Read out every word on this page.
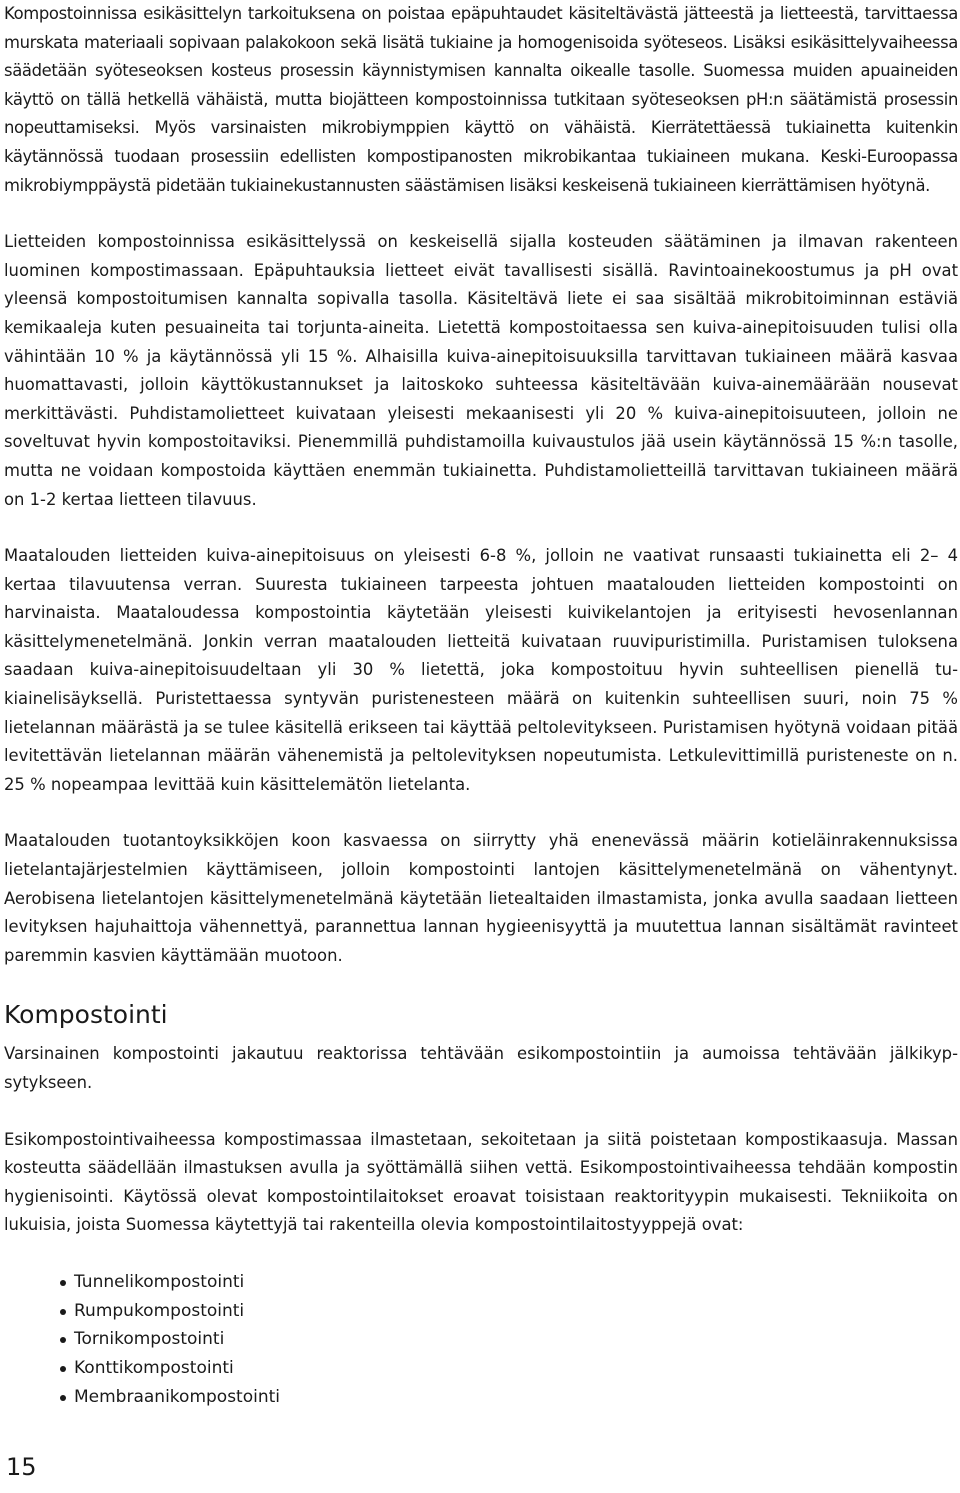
Kompostoinnissa esikäsittelyn tarkoituksena on poistaa epäpuhtaudet käsiteltävästä jätteestä ja lietteestä, tarvittaessa murskata materiaali sopivaan palakokoon sekä lisätä tukiaine ja homogenisoida syöteseos. Lisäksi esikäsittelyvaiheessa säädetään syöteseoksen kosteus prosessin käynnistymisen kannalta oikealle tasolle. Suomessa muiden apuaineiden käyttö on tällä hetkellä vähäistä, mutta biojätteen kompostoinnissa tutkitaan syöteseoksen pH:n säätämistä prosessin nopeuttamiseksi. Myös varsinaisten mikrobiymppien käyttö on vähäistä. Kierrätettäessä tukiainetta kuitenkin käytännössä tuodaan prosessiin edellisten kompostipanosten mikrobikantaa tukiaineen mukana. Keski-Euroopassa mikrobiymppäystä pidetään tukiainekustannusten säästämisen lisäksi keskeisenä tukiaineen kierrättämisen hyötynä.

Lietteiden kompostoinnissa esikäsittelyssä on keskeisellä sijalla kosteuden säätäminen ja ilmavan rakenteen luominen kompostimassaan. Epäpuhtauksia lietteet eivät tavallisesti sisällä. Ravintoainekoostumus ja pH ovat yleensä kompostoitumisen kannalta sopivalla tasolla. Käsiteltävä liete ei saa sisältää mikrobitoiminnan estäviä kemikaaleja kuten pesuaineita tai torjunta-aineita. Lietettä kompostoitaessa sen kuiva-ainepitoisuuden tulisi olla vähintään 10 % ja käytännössä yli 15 %. Alhaisilla kuiva-ainepitoisuuksilla tarvittavan tukiaineen määrä kasvaa huomattavasti, jolloin käyttökustannukset ja laitoskoko suhteessa käsiteltävään kuiva-ainemäärään nousevat merkittävästi. Puhdistamolietteet kuivataan yleisesti mekaanisesti yli 20 % kuiva-ainepitoisuuteen, jolloin ne soveltuvat hyvin kompostoitaviksi. Pienemmillä puhdistamoilla kuivaustulos jää usein käytännössä 15 %:n tasolle, mutta ne voidaan kompostoida käyttäen enemmän tukiainetta. Puhdistamolietteillä tarvittavan tukiaineen määrä on 1-2 kertaa lietteen tilavuus.

Maatalouden lietteiden kuiva-ainepitoisuus on yleisesti 6-8 %, jolloin ne vaativat runsaasti tukiainetta eli 2– 4 kertaa tilavuutensa verran. Suuresta tukiaineen tarpeesta johtuen maatalouden lietteiden kompostointi on harvinaista. Maataloudessa kompostointia käytetään yleisesti kuivikelantojen ja erityisesti hevosenlannan käsittelymenetelmänä. Jonkin verran maatalouden lietteitä kuivataan ruuvipuristimilla. Puristamisen tuloksena saadaan kuiva-ainepitoisuudeltaan yli 30 % lietettä, joka kompostoituu hyvin suhteellisen pienellä tukiainelisäyksellä. Puristettaessa syntyvän puristenesteen määrä on kuitenkin suhteellisen suuri, noin 75 % lietelannan määrästä ja se tulee käsitellä erikseen tai käyttää peltolevitykseen. Puristamisen hyötynä voidaan pitää levitettävän lietelannan määrän vähenemistä ja peltolevityksen nopeutumista. Letkulevittimillä puristeneste on n. 25 % nopeampaa levittää kuin käsittelemätön lietelanta.

Maatalouden tuotantoyksikköjen koon kasvaessa on siirrytty yhä enenevässä määrin kotieläinrakennuksissa lietelantajärjestelmien käyttämiseen, jolloin kompostointi lantojen käsittelymenetelmänä on vähentynyt. Aerobisena lietelantojen käsittelymenetelmänä käytetään lietealtaiden ilmastamista, jonka avulla saadaan lietteen levityksen hajuhaittoja vähennettyä, parannettua lannan hygieenisyyttä ja muutettua lannan sisältämät ravinteet paremmin kasvien käyttämään muotoon.

Kompostointi

Varsinainen kompostointi jakautuu reaktorissa tehtävään esikompostointiin ja aumoissa tehtävään jälkikypsytykseen.

Esikompostointivaiheessa kompostimassaa ilmastetaan, sekoitetaan ja siitä poistetaan kompostikaasuja. Massan kosteutta säädellään ilmastuksen avulla ja syöttämällä siihen vettä. Esikompostointivaiheessa tehdään kompostin hygienisointi. Käytössä olevat kompostointilaitokset eroavat toisistaan reaktorityypin mukaisesti. Tekniikoita on lukuisia, joista Suomessa käytettyjä tai rakenteilla olevia kompostointilaitostyyppejä ovat:

Tunnelikompostointi
Rumpukompostointi
Tornikompostointi
Konttikompostointi
Membraanikompostointi
15
